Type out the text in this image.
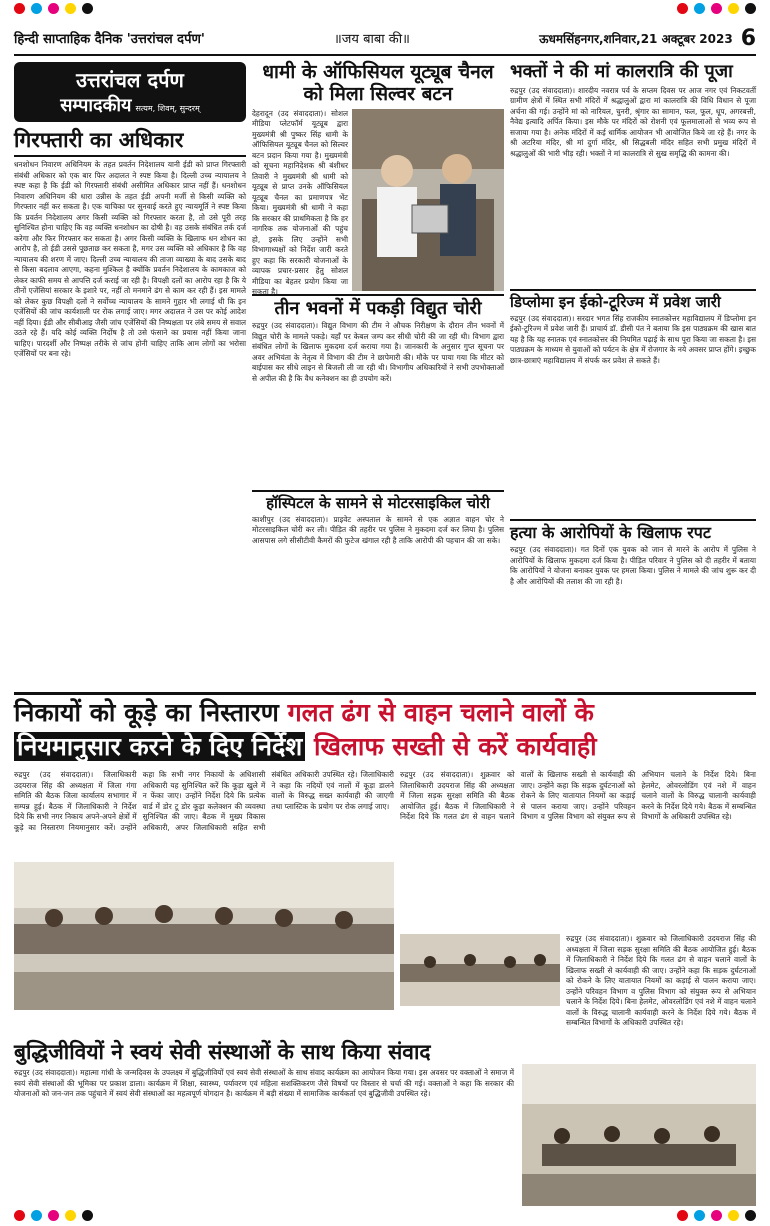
हिन्दी साप्ताहिक दैनिक 'उत्तरांचल दर्पण'	॥जय बाबा की॥	ऊधमसिंहनगर,शनिवार,21 अक्टूबर 2023 6
उत्तरांचल दर्पण
सम्पादकीय सत्यम, शिवम्, सुन्दरम्
गिरफ्तारी का अधिकार
धनशोधन निवारण अधिनियम के तहत प्रवर्तन निदेशालय यानी ईडी को प्राप्त गिरफ्तारी संबंधी अधिकार को एक बार फिर अदालत ने स्पष्ट किया है। दिल्ली उच्च न्यायालय ने स्पष्ट कहा है कि ईडी को गिरफ्तारी संबंधी असीमित अधिकार प्राप्त नहीं हैं। धनशोधन निवारण अधिनियम की धारा उन्नीस के तहत ईडी अपनी मर्जी से किसी व्यक्ति को गिरफ्तार नहीं कर सकता है। एक याचिका पर सुनवाई करते हुए न्यायमूर्ति ने स्पष्ट किया कि प्रवर्तन निदेशालय अगर किसी व्यक्ति को गिरफ्तार करता है, तो उसे पूरी तरह सुनिश्चित होना चाहिए कि वह व्यक्ति धनशोधन का दोषी है। वह उसके संबंधित तर्क दर्ज करेगा और फिर गिरफ्तार कर सकता है। अगर किसी व्यक्ति के खिलाफ धन शोधन का आरोप है, तो ईडी उससे पूछताछ कर सकता है, मगर उस व्यक्ति को अधिकार है कि वह न्यायालय की शरण में जाए। दिल्ली उच्च न्यायालय की ताजा व्याख्या के बाद उसके बाद से किसा बदलाव आएगा, कहना मुश्किल है क्योंकि प्रवर्तन निदेशालय के कामकाज को लेकर काफी समय से आपत्ति दर्ज कराई जा रही है। विपक्षी दलों का आरोप रहा है कि ये तीनों एजेंसियां सरकार के इशारे पर, नहीं तो मनमाने ढंग से काम कर रही हैं। इस मामले को लेकर कुछ विपक्षी दलों ने सर्वोच्च न्यायालय के सामने गुहार भी लगाई थी कि इन एजेंसियों की जांच कार्यशाली पर रोक लगाई जाए। मगर अदालत ने उस पर कोई आदेश नहीं दिया। ईडी और सीबीआइ जैसी जांच एजेंसियों की निष्पक्षता पर लंबे समय से सवाल उठते रहे हैं। यदि कोई व्यक्ति निर्दोष है तो उसे फंसाने का प्रयास नहीं किया जाना चाहिए। पारदर्शी और निष्पक्ष तरीके से जांच होनी चाहिए ताकि आम लोगों का भरोसा एजेंसियों पर बना रहे।
धामी के ऑफिसियल यूट्यूब चैनल को मिला सिल्वर बटन
देहरादून (उद संवाददाता)। सोशल मीडिया प्लेटफॉर्म यूट्यूब द्वारा मुख्यमंत्री श्री पुष्कर सिंह धामी के ऑफिसियल यूट्यूब चैनल को सिल्वर बटन प्रदान किया गया है। मुख्यमंत्री को सूचना महानिदेशक श्री बंशीधर तिवारी ने मुख्यमंत्री श्री धामी को यूट्यूब से प्राप्त उनके ऑफिसियल यूट्यूब चैनल का प्रमाणपत्र भेंट किया। मुख्यमंत्री श्री धामी ने कहा कि सरकार की प्राथमिकता है कि हर नागरिक तक योजनाओं की पहुंच हो, इसके लिए उन्होंने सभी विभागाध्यक्षों को निर्देश जारी करते हुए कहा कि सरकारी योजनाओं के व्यापक प्रचार-प्रसार हेतु सोशल मीडिया का बेहतर प्रयोग किया जा सकता है।
तीन भवनों में पकड़ी विद्युत चोरी
रुद्रपुर (उद संवाददाता)। विद्युत विभाग की टीम ने औचक निरीक्षण के दौरान तीन भवनों में विद्युत चोरी के मामले पकड़े। यहाँ पर केबल जम्प कर सीधी चोरी की जा रही थी। विभाग द्वारा संबंधित लोगों के खिलाफ मुकदमा दर्ज कराया गया है। जानकारी के अनुसार गुप्त सूचना पर अवर अभियंता के नेतृत्व में विभाग की टीम ने छापेमारी की। मौके पर पाया गया कि मीटर को बाईपास कर सीधे लाइन से बिजली ली जा रही थी। विभागीय अधिकारियों ने सभी उपभोक्ताओं से अपील की है कि वैध कनेक्शन का ही उपयोग करें।
हॉस्पिटल के सामने से मोटरसाइकिल चोरी
काशीपुर (उद संवाददाता)। प्राइवेट अस्पताल के सामने से एक अज्ञात वाहन चोर ने मोटरसाइकिल चोरी कर ली। पीड़ित की तहरीर पर पुलिस ने मुकदमा दर्ज कर लिया है। पुलिस आसपास लगे सीसीटीवी कैमरों की फुटेज खंगाल रही है ताकि आरोपी की पहचान की जा सके।
भक्तों ने की मां कालरात्रि की पूजा
रुद्रपुर (उद संवाददाता)। शारदीय नवरात्र पर्व के सप्तम दिवस पर आज नगर एवं निकटवर्ती ग्रामीण क्षेत्रों में स्थित सभी मंदिरों में श्रद्धालुओं द्वारा मां कालरात्रि की विधि विधान से पूजा अर्चना की गई। उन्होंने मां को नारियल, चुनरी, श्रृंगार का सामान, फल, फूल, धूप, अगरबत्ती, नैवेद्य इत्यादि अर्पित किया। इस मौके पर मंदिरों को रोशनी एवं फूलमालाओं से भव्य रूप से सजाया गया है। अनेक मंदिरों में कई धार्मिक आयोजन भी आयोजित किये जा रहे हैं। नगर के श्री अटरिया मंदिर, श्री मां दुर्गा मंदिर, श्री सिद्धबली मंदिर सहित सभी प्रमुख मंदिरों में श्रद्धालुओं की भारी भीड़ रही। भक्तों ने मां कालरात्रि से सुख समृद्धि की कामना की।
डिप्लोमा इन ईको-टूरिज्म में प्रवेश जारी
रुद्रपुर (उद संवाददाता)। सरदार भगत सिंह राजकीय स्नातकोत्तर महाविद्यालय में डिप्लोमा इन ईको-टूरिज्म में प्रवेश जारी हैं। प्राचार्य डॉ. डीसी पंत ने बताया कि इस पाठ्यक्रम की खास बात यह है कि यह स्नातक एवं स्नातकोत्तर की नियमित पढ़ाई के साथ पूरा किया जा सकता है। इस पाठ्यक्रम के माध्यम से युवाओं को पर्यटन के क्षेत्र में रोजगार के नये अवसर प्राप्त होंगे। इच्छुक छात्र-छात्राएं महाविद्यालय में संपर्क कर प्रवेश ले सकते हैं।
हत्या के आरोपियों के खिलाफ रपट
रुद्रपुर (उद संवाददाता)। गत दिनों एक युवक को जान से मारने के आरोप में पुलिस ने आरोपियों के खिलाफ मुकदमा दर्ज किया है। पीड़ित परिवार ने पुलिस को दी तहरीर में बताया कि आरोपियों ने योजना बनाकर युवक पर हमला किया। पुलिस ने मामले की जांच शुरू कर दी है और आरोपियों की तलाश की जा रही है।
निकायों को कूड़े का निस्तारण गलत ढंग से वाहन चलाने वालों के
नियमानुसार करने के दिए निर्देश खिलाफ सख्ती से करें कार्यवाही
रुद्रपुर (उद संवाददाता)। जिलाधिकारी उदयराज सिंह की अध्यक्षता में जिला गंगा समिति की बैठक जिला कार्यालय सभागार में सम्पन्न हुई। बैठक में जिलाधिकारी ने निर्देश दिये कि सभी नगर निकाय अपने-अपने क्षेत्रों में कूड़े का निस्तारण नियमानुसार करें। उन्होंने कहा कि सभी नगर निकायों के अधिशासी अधिकारी यह सुनिश्चित करें कि कूड़ा खुले में न फेंका जाए। उन्होंने निर्देश दिये कि प्रत्येक वार्ड में डोर टू डोर कूड़ा कलेक्शन की व्यवस्था सुनिश्चित की जाए। बैठक में मुख्य विकास अधिकारी, अपर जिलाधिकारी सहित सभी संबंधित अधिकारी उपस्थित रहे। जिलाधिकारी ने कहा कि नदियों एवं नालों में कूड़ा डालने वालों के विरुद्ध सख्त कार्यवाही की जाएगी तथा प्लास्टिक के प्रयोग पर रोक लगाई जाए।
रुद्रपुर (उद संवाददाता)। शुक्रवार को जिलाधिकारी उदयराज सिंह की अध्यक्षता में जिला सड़क सुरक्षा समिति की बैठक आयोजित हुई। बैठक में जिलाधिकारी ने निर्देश दिये कि गलत ढंग से वाहन चलाने वालों के खिलाफ सख्ती से कार्यवाही की जाए। उन्होंने कहा कि सड़क दुर्घटनाओं को रोकने के लिए यातायात नियमों का कड़ाई से पालन कराया जाए। उन्होंने परिवहन विभाग व पुलिस विभाग को संयुक्त रूप से अभियान चलाने के निर्देश दिये। बिना हेलमेट, ओवरलोडिंग एवं नशे में वाहन चलाने वालों के विरुद्ध चालानी कार्यवाही करने के निर्देश दिये गये। बैठक में सम्बन्धित विभागों के अधिकारी उपस्थित रहे।
रुद्रपुर (उद संवाददाता)। शुक्रवार को जिलाधिकारी उदयराज सिंह की अध्यक्षता में जिला सड़क सुरक्षा समिति की बैठक आयोजित हुई। बैठक में जिलाधिकारी ने निर्देश दिये कि गलत ढंग से वाहन चलाने वालों के खिलाफ सख्ती से कार्यवाही की जाए। उन्होंने कहा कि सड़क दुर्घटनाओं को रोकने के लिए यातायात नियमों का कड़ाई से पालन कराया जाए। उन्होंने परिवहन विभाग व पुलिस विभाग को संयुक्त रूप से अभियान चलाने के निर्देश दिये। बिना हेलमेट, ओवरलोडिंग एवं नशे में वाहन चलाने वालों के विरुद्ध चालानी कार्यवाही करने के निर्देश दिये गये। बैठक में सम्बन्धित विभागों के अधिकारी उपस्थित रहे।
बुद्धिजीवियों ने स्वयं सेवी संस्थाओं के साथ किया संवाद
रुद्रपुर (उद संवाददाता)। महात्मा गांधी के जन्मदिवस के उपलक्ष्य में बुद्धिजीवियों एवं स्वयं सेवी संस्थाओं के साथ संवाद कार्यक्रम का आयोजन किया गया। इस अवसर पर वक्ताओं ने समाज में स्वयं सेवी संस्थाओं की भूमिका पर प्रकाश डाला। कार्यक्रम में शिक्षा, स्वास्थ्य, पर्यावरण एवं महिला सशक्तिकरण जैसे विषयों पर विस्तार से चर्चा की गई। वक्ताओं ने कहा कि सरकार की योजनाओं को जन-जन तक पहुंचाने में स्वयं सेवी संस्थाओं का महत्वपूर्ण योगदान है। कार्यक्रम में बड़ी संख्या में सामाजिक कार्यकर्ता एवं बुद्धिजीवी उपस्थित रहे।
